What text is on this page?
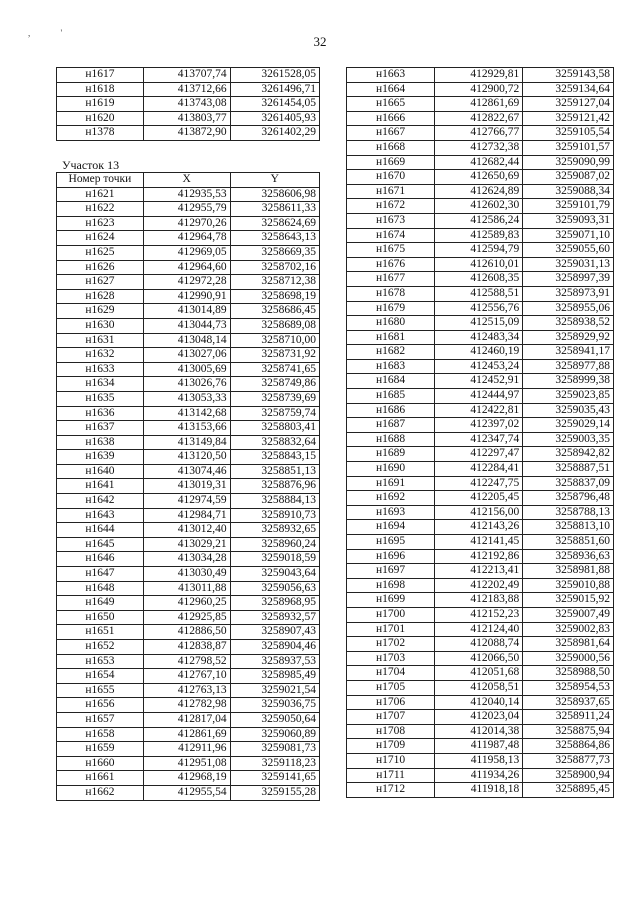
, '
32
н1617	413707,74	3261528,05
н1618	413712,66	3261496,71
н1619	413743,08	3261454,05
н1620	413803,77	3261405,93
н1378	413872,90	3261402,29
Участок 13
Номер точки	X	Y
н1621	412935,53	3258606,98
н1622	412955,79	3258611,33
н1623	412970,26	3258624,69
н1624	412964,78	3258643,13
н1625	412969,05	3258669,35
н1626	412964,60	3258702,16
н1627	412972,28	3258712,38
н1628	412990,91	3258698,19
н1629	413014,89	3258686,45
н1630	413044,73	3258689,08
н1631	413048,14	3258710,00
н1632	413027,06	3258731,92
н1633	413005,69	3258741,65
н1634	413026,76	3258749,86
н1635	413053,33	3258739,69
н1636	413142,68	3258759,74
н1637	413153,66	3258803,41
н1638	413149,84	3258832,64
н1639	413120,50	3258843,15
н1640	413074,46	3258851,13
н1641	413019,31	3258876,96
н1642	412974,59	3258884,13
н1643	412984,71	3258910,73
н1644	413012,40	3258932,65
н1645	413029,21	3258960,24
н1646	413034,28	3259018,59
н1647	413030,49	3259043,64
н1648	413011,88	3259056,63
н1649	412960,25	3258968,95
н1650	412925,85	3258932,57
н1651	412886,50	3258907,43
н1652	412838,87	3258904,46
н1653	412798,52	3258937,53
н1654	412767,10	3258985,49
н1655	412763,13	3259021,54
н1656	412782,98	3259036,75
н1657	412817,04	3259050,64
н1658	412861,69	3259060,89
н1659	412911,96	3259081,73
н1660	412951,08	3259118,23
н1661	412968,19	3259141,65
н1662	412955,54	3259155,28
н1663	412929,81	3259143,58
н1664	412900,72	3259134,64
н1665	412861,69	3259127,04
н1666	412822,67	3259121,42
н1667	412766,77	3259105,54
н1668	412732,38	3259101,57
н1669	412682,44	3259090,99
н1670	412650,69	3259087,02
н1671	412624,89	3259088,34
н1672	412602,30	3259101,79
н1673	412586,24	3259093,31
н1674	412589,83	3259071,10
н1675	412594,79	3259055,60
н1676	412610,01	3259031,13
н1677	412608,35	3258997,39
н1678	412588,51	3258973,91
н1679	412556,76	3258955,06
н1680	412515,09	3258938,52
н1681	412483,34	3258929,92
н1682	412460,19	3258941,17
н1683	412453,24	3258977,88
н1684	412452,91	3258999,38
н1685	412444,97	3259023,85
н1686	412422,81	3259035,43
н1687	412397,02	3259029,14
н1688	412347,74	3259003,35
н1689	412297,47	3258942,82
н1690	412284,41	3258887,51
н1691	412247,75	3258837,09
н1692	412205,45	3258796,48
н1693	412156,00	3258788,13
н1694	412143,26	3258813,10
н1695	412141,45	3258851,60
н1696	412192,86	3258936,63
н1697	412213,41	3258981,88
н1698	412202,49	3259010,88
н1699	412183,88	3259015,92
н1700	412152,23	3259007,49
н1701	412124,40	3259002,83
н1702	412088,74	3258981,64
н1703	412066,50	3259000,56
н1704	412051,68	3258988,50
н1705	412058,51	3258954,53
н1706	412040,14	3258937,65
н1707	412023,04	3258911,24
н1708	412014,38	3258875,94
н1709	411987,48	3258864,86
н1710	411958,13	3258877,73
н1711	411934,26	3258900,94
н1712	411918,18	3258895,45
